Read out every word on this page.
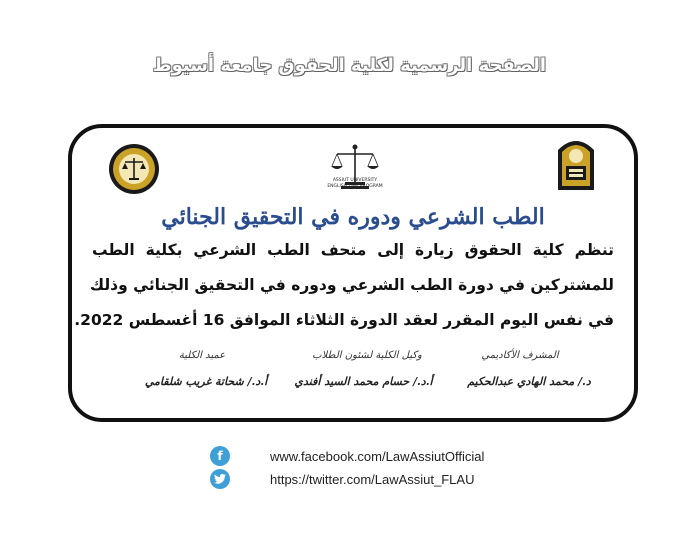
الصفحة الرسمية لكلية الحقوق جامعة أسيوط
ASSIUT UNIVERSITY
ENGLISH LAW PROGRAM
الطب الشرعي ودوره في التحقيق الجنائي
تنظم كلية الحقوق زيارة إلى متحف الطب الشرعي بكلية الطب
للمشتركين في دورة الطب الشرعي ودوره في التحقيق الجنائي وذلك
في نفس اليوم المقرر لعقد الدورة الثلاثاء الموافق 16 أغسطس 2022.
المشرف الأكاديمي
وكيل الكلية لشئون الطلاب
عميد الكلية
د./ محمد الهادي عبدالحكيم
أ.د./ حسام محمد السيد أفندي
أ.د./ شحاتة غريب شلقامي
f	www.facebook.com/LawAssiutOfficial
https://twitter.com/LawAssiut_FLAU
